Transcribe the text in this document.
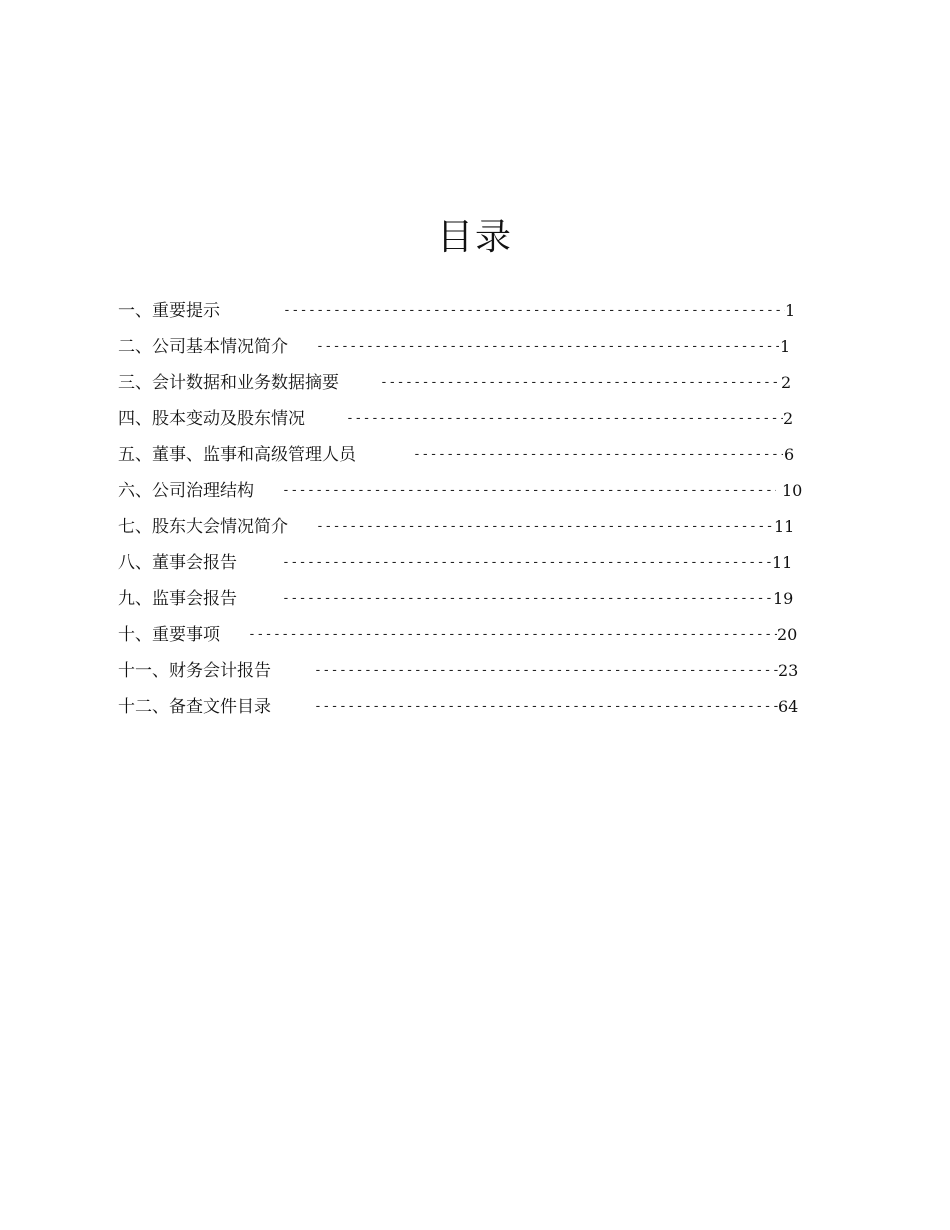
目录
一、重要提示 -----	1
二、公司基本情况简介 -----	1
三、会计数据和业务数据摘要 -----	2
四、股本变动及股东情况 -----	2
五、董事、监事和高级管理人员 -----	6
六、公司治理结构 -----	10
七、股东大会情况简介 -----	11
八、董事会报告 -----	11
九、监事会报告 -----	19
十、重要事项 -----	20
十一、财务会计报告 -----	23
十二、备查文件目录 -----	64
